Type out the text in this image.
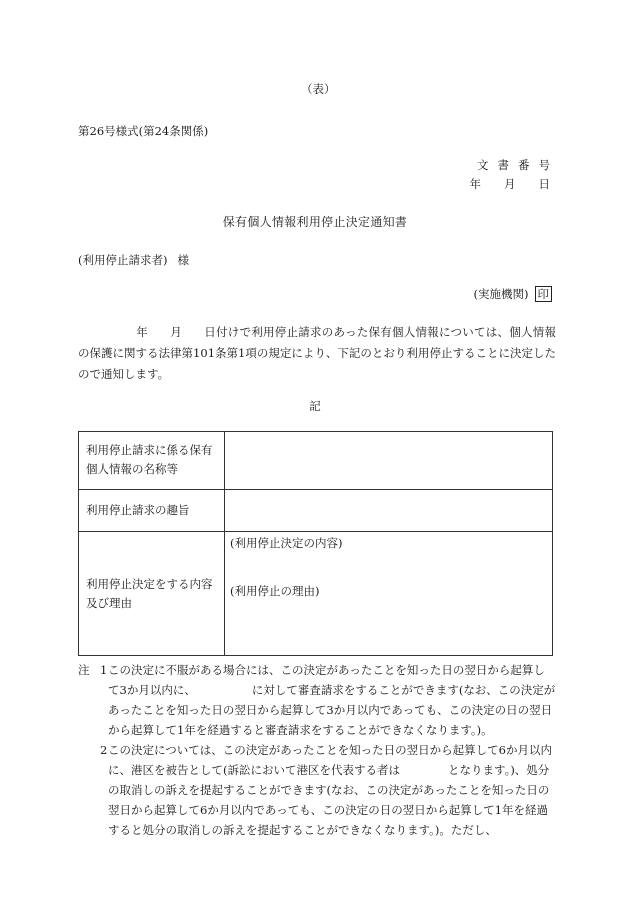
（表）
第26号様式(第24条関係)
文書番号
年　　月　　日
保有個人情報利用停止決定通知書
(利用停止請求者) 様
(実施機関) 印
年 月 日付けで利用停止請求のあった保有個人情報については、個人情報の保護に関する法律第101条第1項の規定により、下記のとおり利用停止することに決定したので通知します。
記
利用停止請求に係る保有個人情報の名称等	
利用停止請求の趣旨	
利用停止決定をする内容及び理由	(利用停止決定の内容)
(利用停止の理由)
注 1 この決定に不服がある場合には、この決定があったことを知った日の翌日から起算して3か月以内に、	に対して審査請求をすることができます(なお、この決定があったことを知った日の翌日から起算して3か月以内であっても、この決定の日の翌日から起算して1年を経過すると審査請求をすることができなくなります。)。
2 この決定については、この決定があったことを知った日の翌日から起算して6か月以内に、港区を被告として(訴訟において港区を代表する者は	となります。)、処分の取消しの訴えを提起することができます(なお、この決定があったことを知った日の翌日から起算して6か月以内であっても、この決定の日の翌日から起算して1年を経過すると処分の取消しの訴えを提起することができなくなります。)。ただし、
